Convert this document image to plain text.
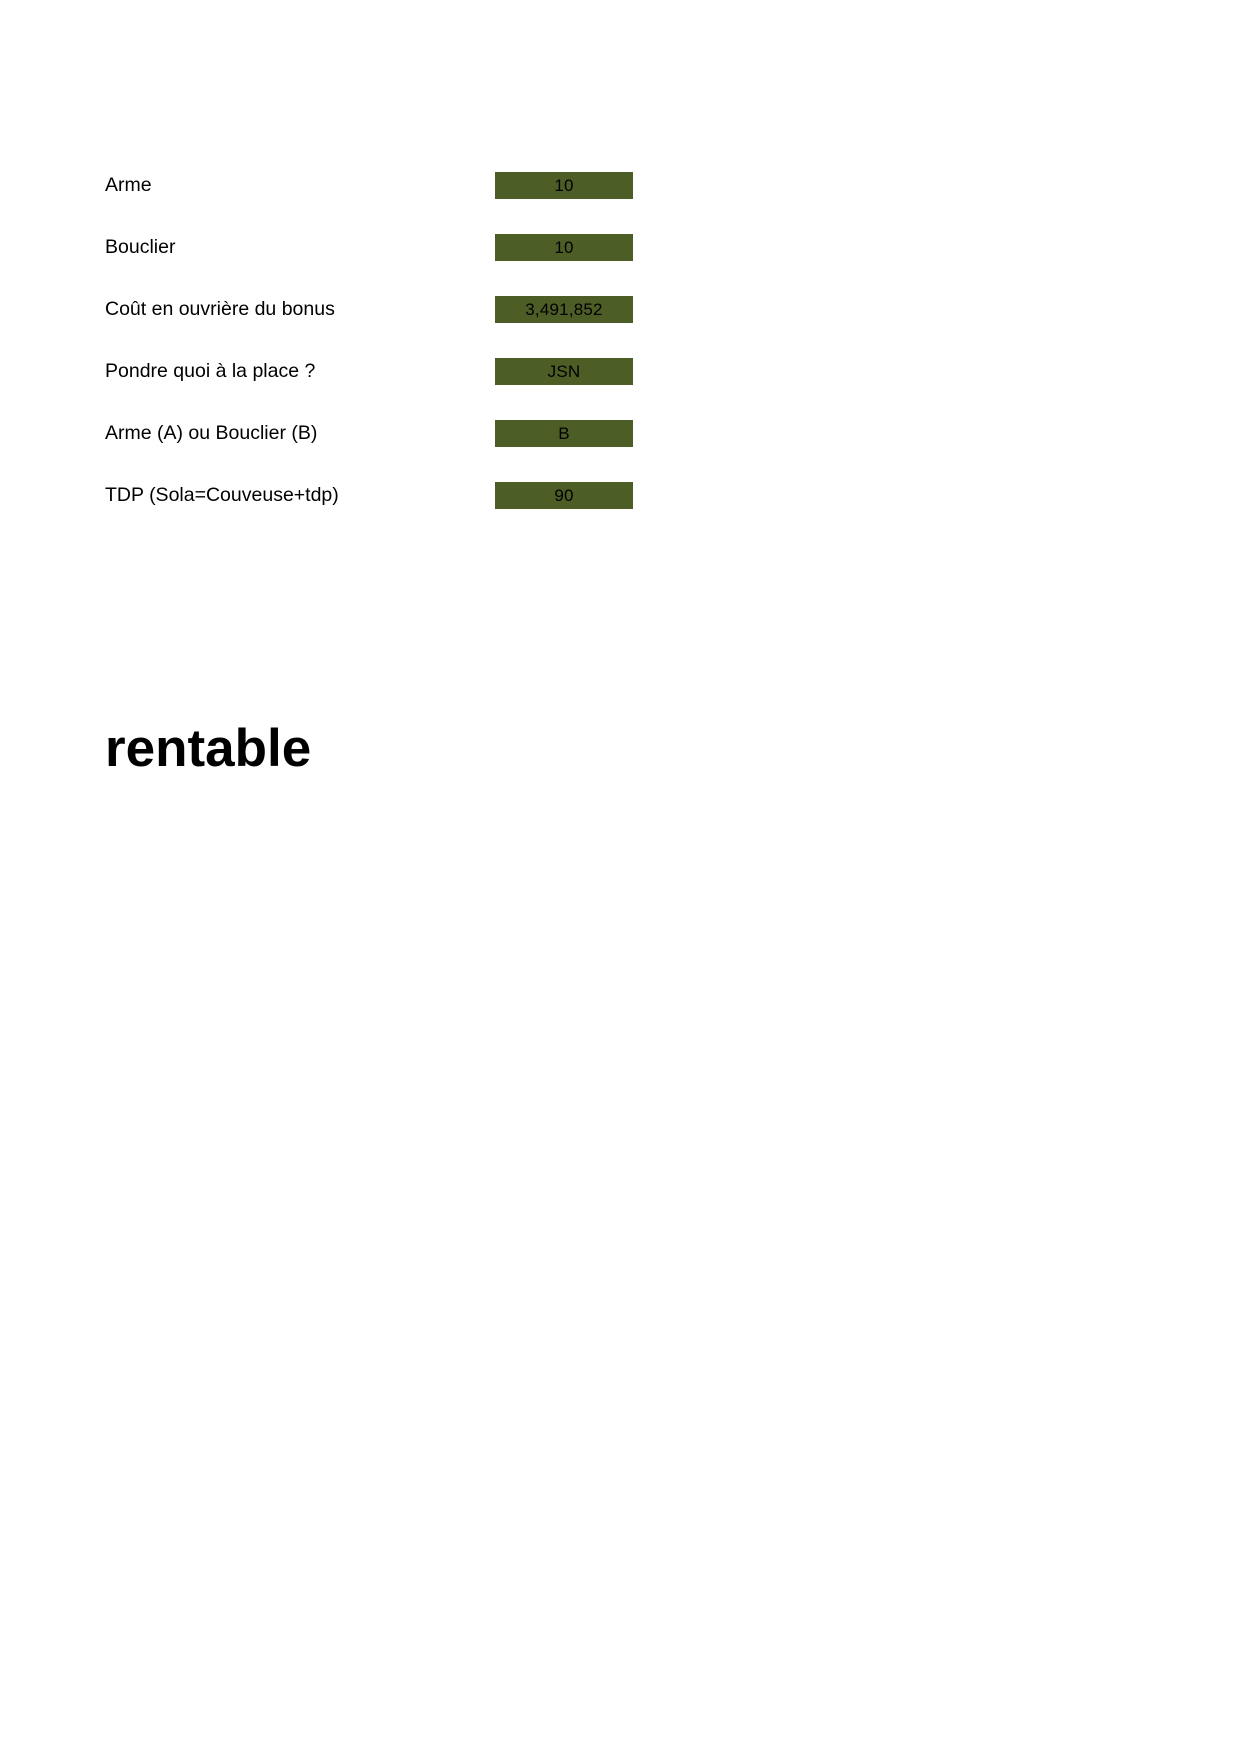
Arme	10
Bouclier	10
Coût en ouvrière du bonus	3,491,852
Pondre quoi à la place ?	JSN
Arme (A) ou Bouclier (B)	B
TDP (Sola=Couveuse+tdp)	90
rentable
